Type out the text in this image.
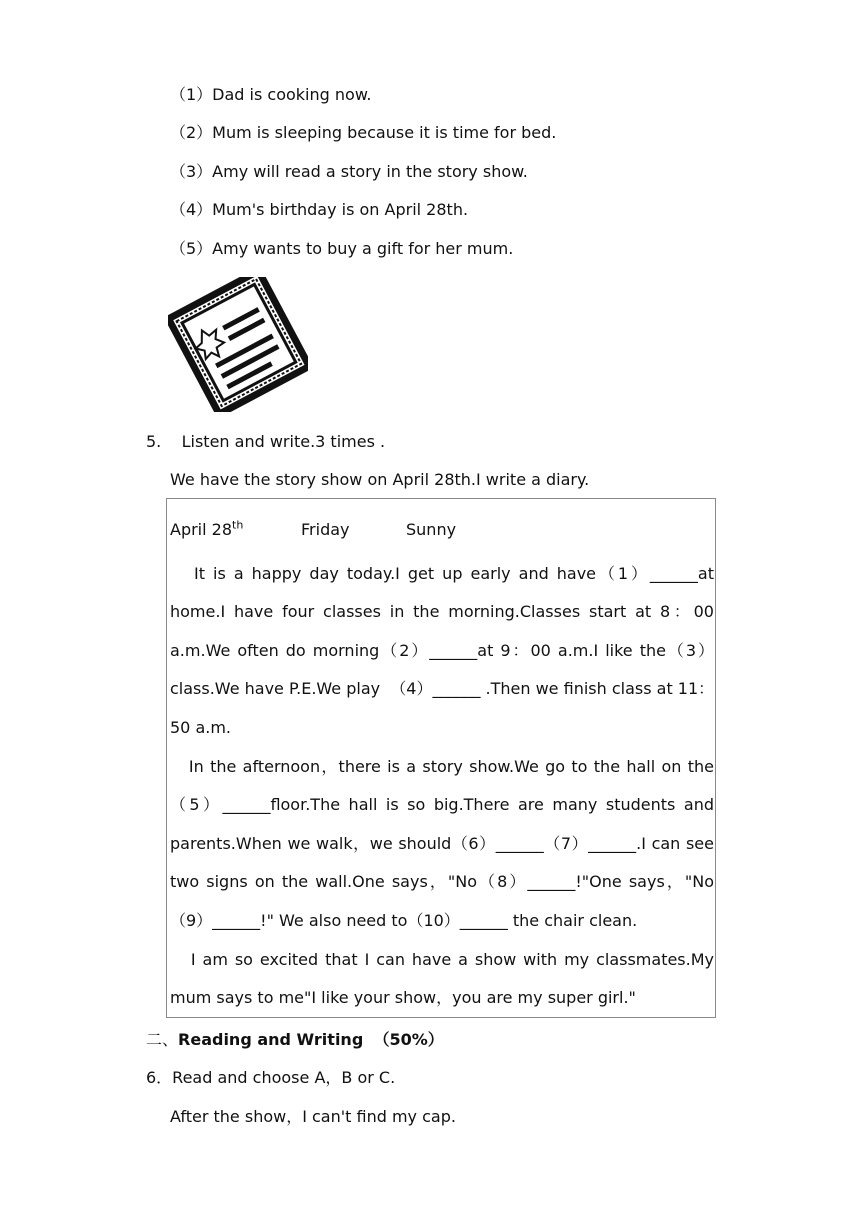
（1）Dad is cooking now.
（2）Mum is sleeping because it is time for bed.
（3）Amy will read a story in the story show.
（4）Mum's birthday is on April 28th.
（5）Amy wants to buy a gift for her mum.
5.    Listen and write.3 times .
We have the story show on April 28th.I write a diary.
April 28th	Friday	Sunny
It is a happy day today.I get up early and have（1）______at
home.I have four classes in the morning.Classes start at 8：00
a.m.We often do morning（2）______at 9：00 a.m.I like the（3）
class.We have P.E.We play  （4）______ .Then we finish class at 11：
50 a.m.
In the afternoon，there is a story show.We go to the hall on the
（5）______floor.The hall is so big.There are many students and
parents.When we walk，we should（6）______（7）______.I can see
two signs on the wall.One says，"No（8）______!"One says，"No
（9）______!" We also need to（10）______ the chair clean.
I am so excited that I can have a show with my classmates.My
mum says to me"I like your show，you are my super girl."
二、Reading and Writing （50%）
6．Read and choose A，B or C.
After the show，I can't find my cap.
